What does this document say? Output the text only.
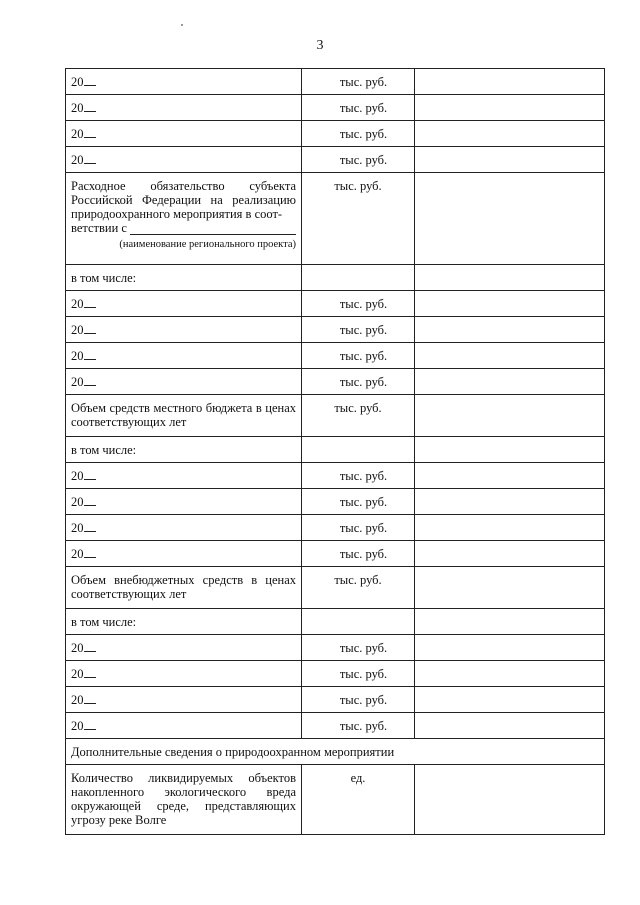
3
20	тыс. руб.	
20	тыс. руб.	
20	тыс. руб.	
20	тыс. руб.	

Расходное обязательство субъекта Российской Федерации на реализацию природоохранного мероприятия в соот-
ветствии с
(наименование регионального проекта)	тыс. руб.	
в том числе:		
20	тыс. руб.	
20	тыс. руб.	
20	тыс. руб.	
20	тыс. руб.	
Объем средств местного бюджета в ценах соответствующих лет	тыс. руб.	
в том числе:		
20	тыс. руб.	
20	тыс. руб.	
20	тыс. руб.	
20	тыс. руб.	
Объем внебюджетных средств в ценах соответствующих лет	тыс. руб.	
в том числе:		
20	тыс. руб.	
20	тыс. руб.	
20	тыс. руб.	
20	тыс. руб.	
Дополнительные сведения о природоохранном мероприятии		
Количество ликвидируемых объектов накопленного экологического вреда окружающей среде, представляющих угрозу реке Волге	ед.	
